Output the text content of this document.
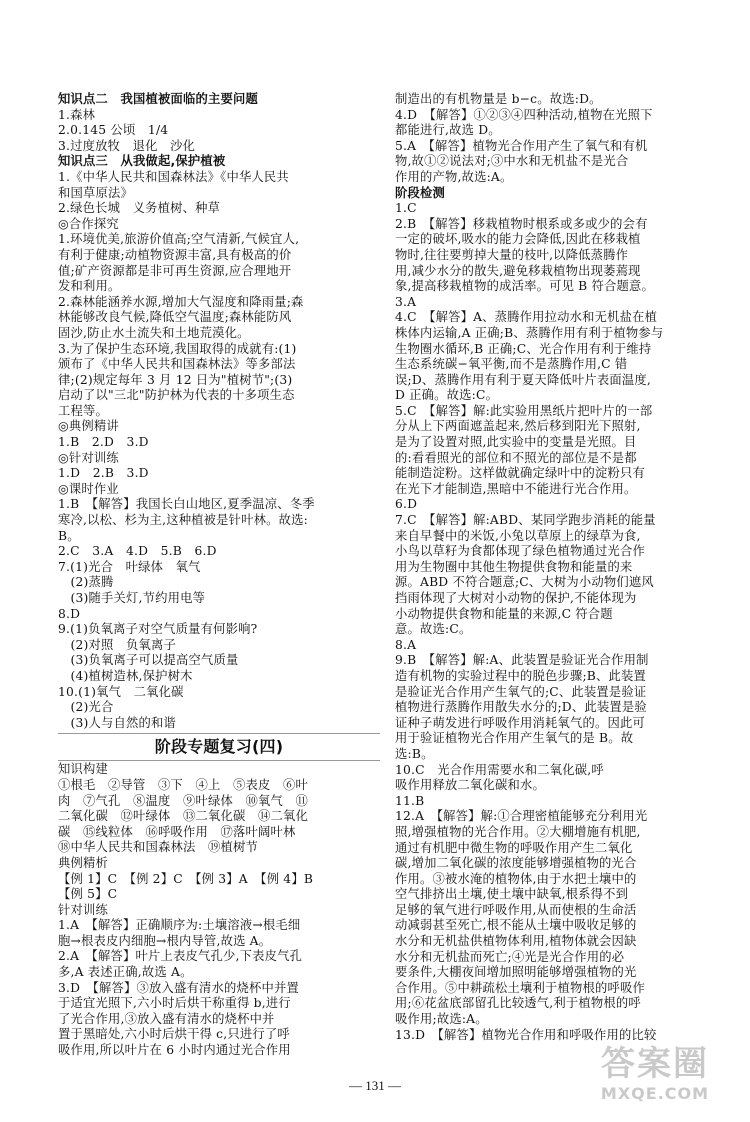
知识点二　我国植被面临的主要问题
1.森林
2.0.145 公顷　1/4
3.过度放牧　退化　沙化
知识点三　从我做起,保护植被
1.《中华人民共和国森林法》《中华人民共
和国草原法》
2.绿色长城　义务植树、种草
◎合作探究
1.环境优美,旅游价值高;空气清新,气候宜人,
有利于健康;动植物资源丰富,具有极高的价
值;矿产资源都是非可再生资源,应合理地开
发和利用。
2.森林能涵养水源,增加大气湿度和降雨量;森
林能够改良气候,降低空气温度;森林能防风
固沙,防止水土流失和土地荒漠化。
3.为了保护生态环境,我国取得的成就有:(1)
颁布了《中华人民共和国森林法》等多部法
律;(2)规定每年 3 月 12 日为"植树节";(3)
启动了以"三北"防护林为代表的十多项生态
工程等。
◎典例精讲
1.B　2.D　3.D
◎针对训练
1.D　2.B　3.D
◎课时作业
1.B　【解答】我国长白山地区,夏季温凉、冬季
寒冷,以松、杉为主,这种植被是针叶林。故选:
B。
2.C　3.A　4.D　5.B　6.D
7.(1)光合　叶绿体　氧气
　(2)蒸腾
　(3)随手关灯,节约用电等
8.D
9.(1)负氧离子对空气质量有何影响?
　(2)对照　负氧离子
　(3)负氧离子可以提高空气质量
　(4)植树造林,保护树木
10.(1)氧气　二氧化碳
　(2)光合
　(3)人与自然的和谐
阶段专题复习(四)
知识构建
①根毛　②导管　③下　④上　⑤表皮　⑥叶
肉　⑦气孔　⑧温度　⑨叶绿体　⑩氧气　⑪
二氧化碳　⑫叶绿体　⑬二氧化碳　⑭二氧化
碳　⑮线粒体　⑯呼吸作用　⑰落叶阔叶林
⑱中华人民共和国森林法　⑲植树节
典例精析
【例 1】C　【例 2】C　【例 3】A　【例 4】B
【例 5】C
针对训练
1.A　【解答】正确顺序为:土壤溶液→根毛细
胞→根表皮内细胞→根内导管,故选 A。
2.A　【解答】叶片上表皮气孔少,下表皮气孔
多,A 表述正确,故选 A。
3.D　【解答】③放入盛有清水的烧杯中并置
于适宜光照下,六小时后烘干称重得 b,进行
了光合作用,③放入盛有清水的烧杯中并
置于黑暗处,六小时后烘干得 c,只进行了呼
吸作用,所以叶片在 6 小时内通过光合作用
制造出的有机物量是 b−c。故选:D。
4.D　【解答】①②③④四种活动,植物在光照下
都能进行,故选 D。
5.A　【解答】植物光合作用产生了氧气和有机
物,故①②说法对;③中水和无机盐不是光合
作用的产物,故选:A。
阶段检测
1.C
2.B　【解答】移栽植物时根系或多或少的会有
一定的破坏,吸水的能力会降低,因此在移栽植
物时,往往要剪掉大量的枝叶,以降低蒸腾作
用,减少水分的散失,避免移栽植物出现萎蔫现
象,提高移栽植物的成活率。可见 B 符合题意。
3.A
4.C　【解答】A、蒸腾作用拉动水和无机盐在植
株体内运输,A 正确;B、蒸腾作用有利于植物参与
生物圈水循环,B 正确;C、光合作用有利于维持
生态系统碳−氧平衡,而不是蒸腾作用,C 错
误;D、蒸腾作用有利于夏天降低叶片表面温度,
D 正确。故选:C。
5.C　【解答】解:此实验用黑纸片把叶片的一部
分从上下两面遮盖起来,然后移到阳光下照射,
是为了设置对照,此实验中的变量是光照。目
的:看看照光的部位和不照光的部位是不是都
能制造淀粉。这样做就确定绿叶中的淀粉只有
在光下才能制造,黑暗中不能进行光合作用。
6.D
7.C　【解答】解:ABD、某同学跑步消耗的能量
来自早餐中的米饭,小兔以草原上的绿草为食,
小鸟以草籽为食都体现了绿色植物通过光合作
用为生物圈中其他生物提供食物和能量的来
源。ABD 不符合题意;C、大树为小动物们遮风
挡雨体现了大树对小动物的保护,不能体现为
小动物提供食物和能量的来源,C 符合题
意。故选:C。
8.A
9.B　【解答】解:A、此装置是验证光合作用制
造有机物的实验过程中的脱色步骤;B、此装置
是验证光合作用产生氧气的;C、此装置是验证
植物进行蒸腾作用散失水分的;D、此装置是验
证种子萌发进行呼吸作用消耗氧气的。因此可
用于验证植物光合作用产生氧气的是 B。故
选:B。
10.C　光合作用需要水和二氧化碳,呼
吸作用释放二氧化碳和水。
11.B
12.A　【解答】解:①合理密植能够充分利用光
照,增强植物的光合作用。②大棚增施有机肥,
通过有机肥中微生物的呼吸作用产生二氧化
碳,增加二氧化碳的浓度能够增强植物的光合
作用。③被水淹的植物体,由于水把土壤中的
空气排挤出土壤,使土壤中缺氧,根系得不到
足够的氧气进行呼吸作用,从而使根的生命活
动减弱甚至死亡,根不能从土壤中吸收足够的
水分和无机盐供植物体利用,植物体就会因缺
水分和无机盐而死亡;④光是光合作用的必
要条件,大棚夜间增加照明能够增强植物的光
合作用。⑤中耕疏松土壤利于植物根的呼吸作
用;⑥花盆底部留孔比较透气,利于植物根的呼
吸作用;故选:A。
13.D　【解答】植物光合作用和呼吸作用的比较
— 131 —
答案圈
MXQE.COM
